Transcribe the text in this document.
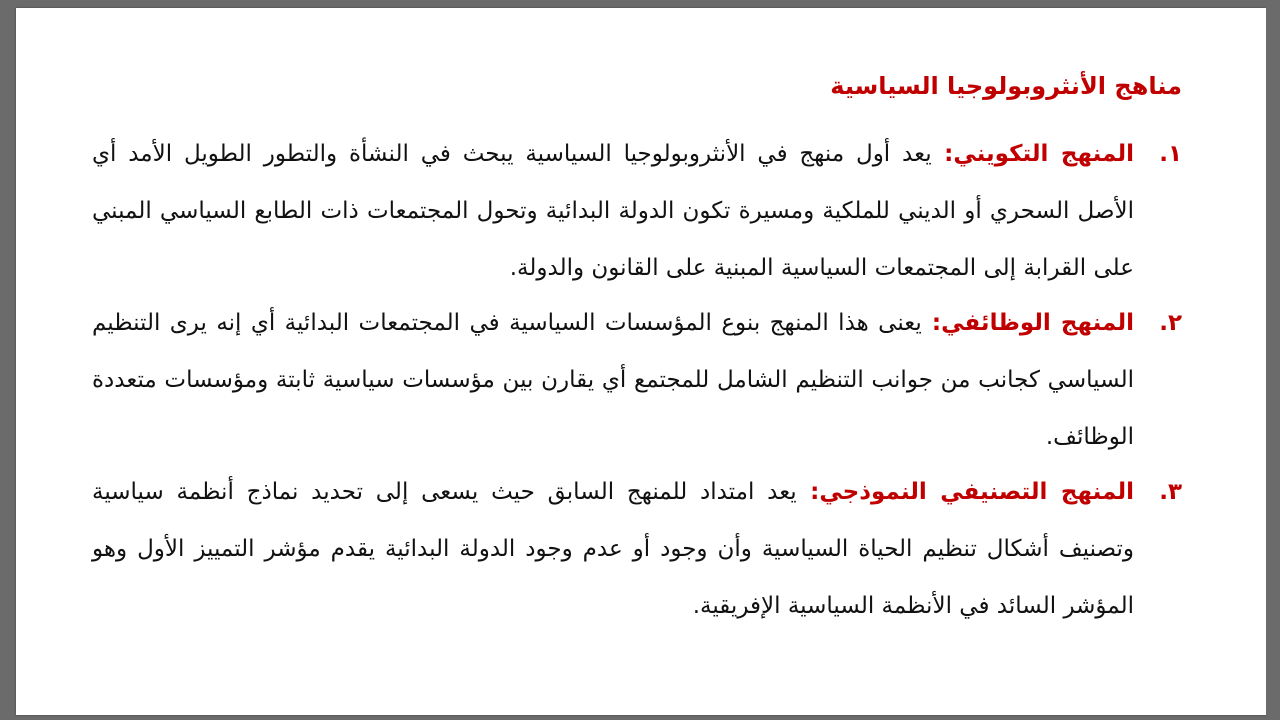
مناهج الأنثروبولوجيا السياسية
١.
المنهج التكويني: يعد أول منهج في الأنثروبولوجيا السياسية يبحث في النشأة والتطور الطويل الأمد أي الأصل السحري أو الديني للملكية ومسيرة تكون الدولة البدائية وتحول المجتمعات ذات الطابع السياسي المبني على القرابة إلى المجتمعات السياسية المبنية على القانون والدولة.
٢.
المنهج الوظائفي: يعنى هذا المنهج بنوع المؤسسات السياسية في المجتمعات البدائية أي إنه يرى التنظيم السياسي كجانب من جوانب التنظيم الشامل للمجتمع أي يقارن بين مؤسسات سياسية ثابتة ومؤسسات متعددة الوظائف.
٣.
المنهج التصنيفي النموذجي: يعد امتداد للمنهج السابق حيث يسعى إلى تحديد نماذج أنظمة سياسية وتصنيف أشكال تنظيم الحياة السياسية وأن وجود أو عدم وجود الدولة البدائية يقدم مؤشر التمييز الأول وهو المؤشر السائد في الأنظمة السياسية الإفريقية.
